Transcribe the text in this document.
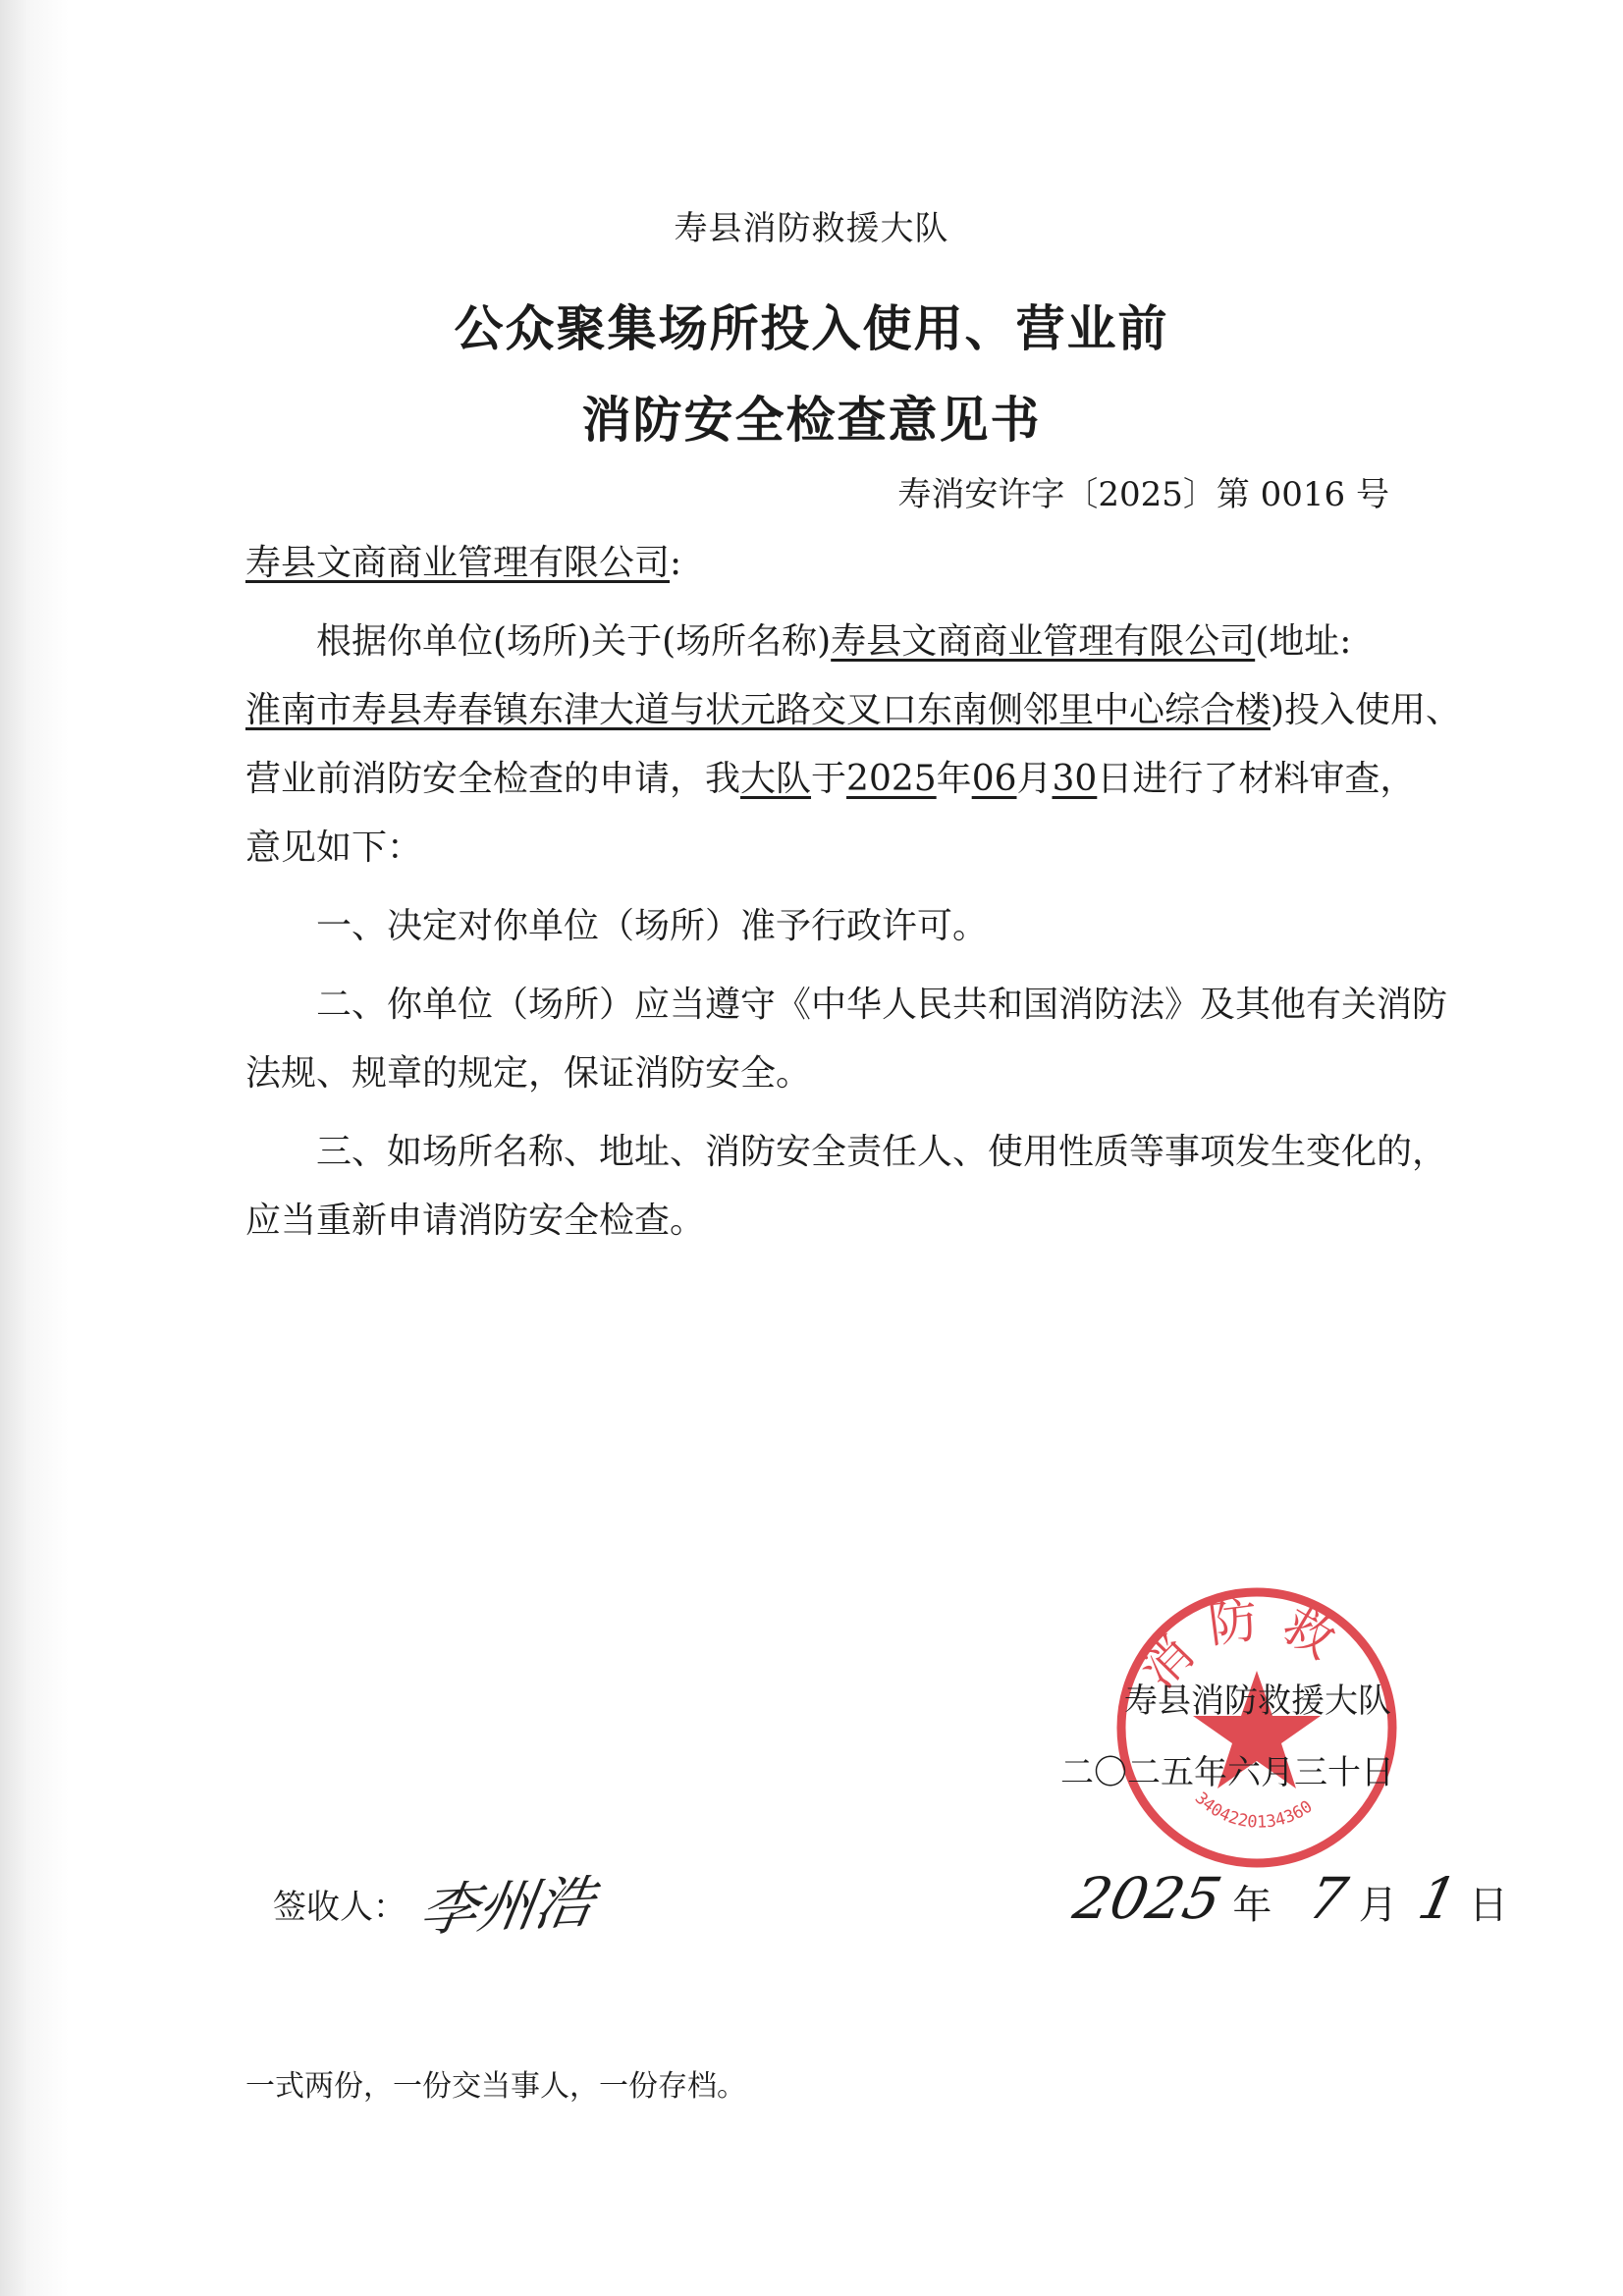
寿县消防救援大队
公众聚集场所投入使用、营业前
消防安全检查意见书
寿消安许字〔2025〕第 0016 号
寿县文商商业管理有限公司:
根据你单位(场所)关于(场所名称)寿县文商商业管理有限公司(地址:
淮南市寿县寿春镇东津大道与状元路交叉口东南侧邻里中心综合楼)投入使用、
营业前消防安全检查的申请，我大队于2025年06月30日进行了材料审查，
意见如下：
一、决定对你单位（场所）准予行政许可。
二、你单位（场所）应当遵守《中华人民共和国消防法》及其他有关消防
法规、规章的规定，保证消防安全。
三、如场所名称、地址、消防安全责任人、使用性质等事项发生变化的，
应当重新申请消防安全检查。
消防救
3404220134360
寿县消防救援大队
二〇二五年六月三十日
签收人： 李州浩	2025 年 7 月 1 日
一式两份，一份交当事人，一份存档。
